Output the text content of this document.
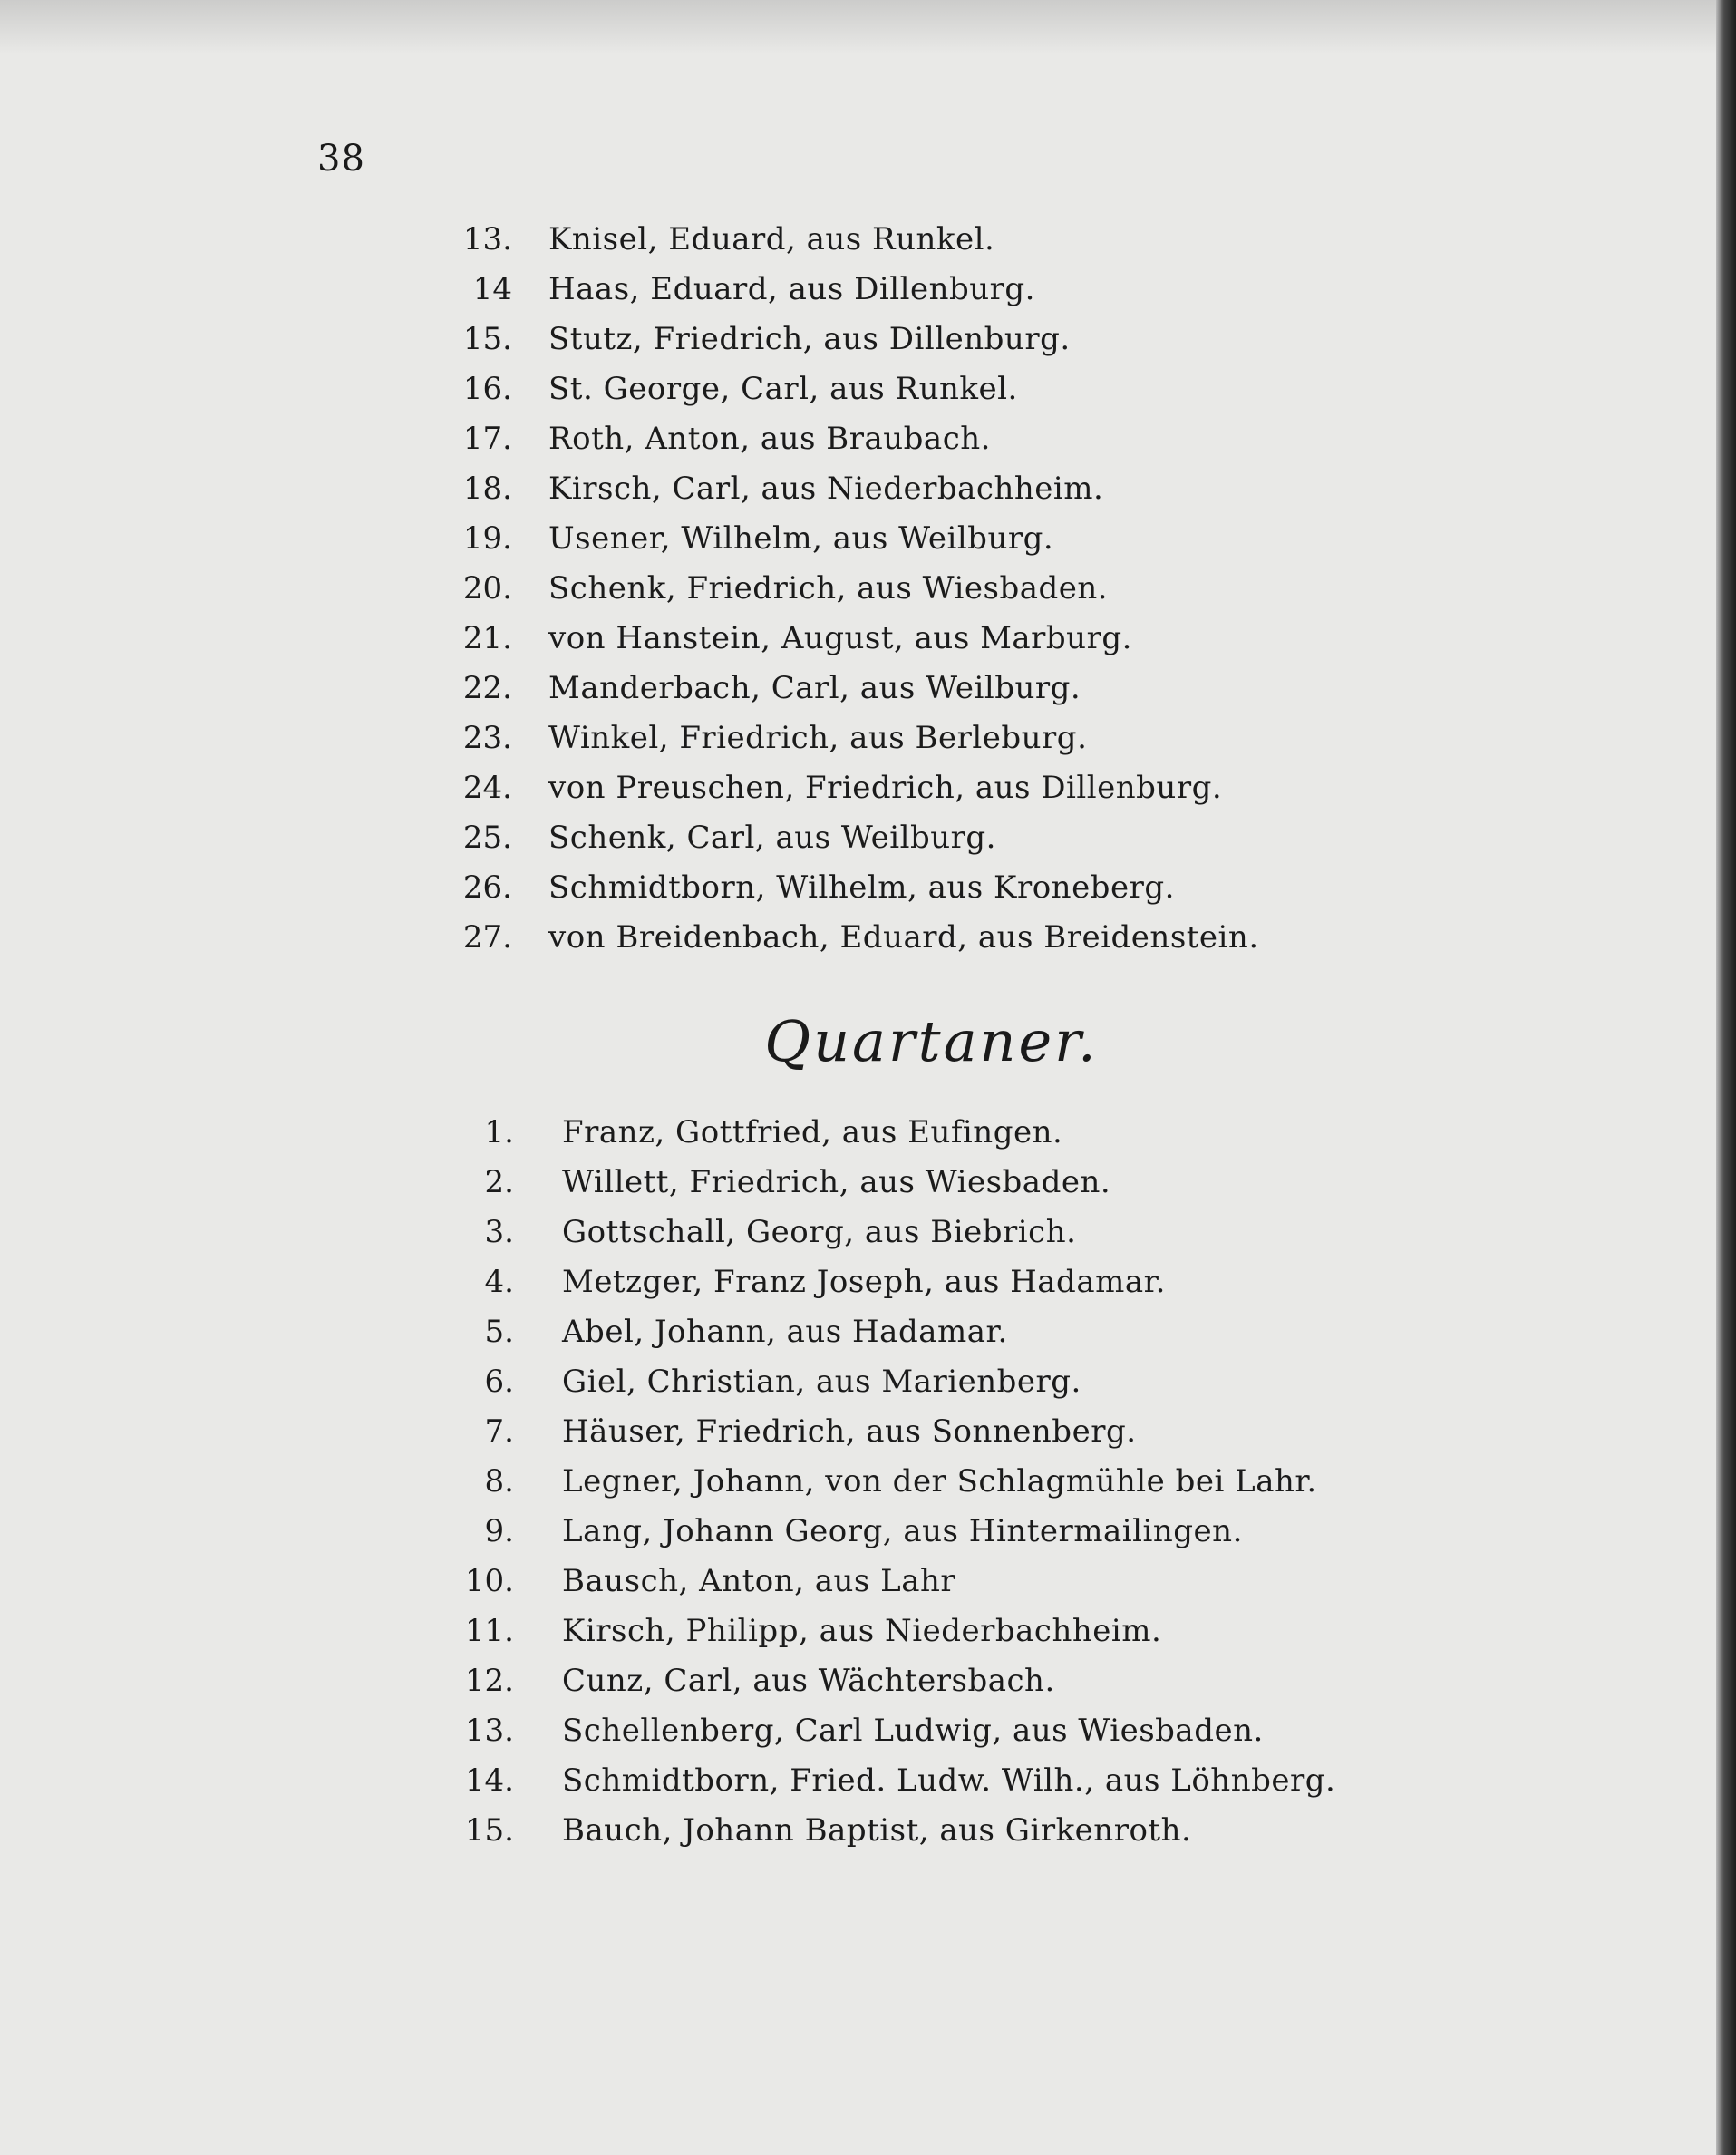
38
13. Knisel, Eduard, aus Runkel.
14 Haas, Eduard, aus Dillenburg.
15. Stutz, Friedrich, aus Dillenburg.
16. St. George, Carl, aus Runkel.
17. Roth, Anton, aus Braubach.
18. Kirsch, Carl, aus Niederbachheim.
19. Usener, Wilhelm, aus Weilburg.
20. Schenk, Friedrich, aus Wiesbaden.
21. von Hanstein, August, aus Marburg.
22. Manderbach, Carl, aus Weilburg.
23. Winkel, Friedrich, aus Berleburg.
24. von Preuschen, Friedrich, aus Dillenburg.
25. Schenk, Carl, aus Weilburg.
26. Schmidtborn, Wilhelm, aus Kroneberg.
27. von Breidenbach, Eduard, aus Breidenstein.
Quartaner.
1. Franz, Gottfried, aus Eufingen.
2. Willett, Friedrich, aus Wiesbaden.
3. Gottschall, Georg, aus Biebrich.
4. Metzger, Franz Joseph, aus Hadamar.
5. Abel, Johann, aus Hadamar.
6. Giel, Christian, aus Marienberg.
7. Häuser, Friedrich, aus Sonnenberg.
8. Legner, Johann, von der Schlagmühle bei Lahr.
9. Lang, Johann Georg, aus Hintermailingen.
10. Bausch, Anton, aus Lahr
11. Kirsch, Philipp, aus Niederbachheim.
12. Cunz, Carl, aus Wächtersbach.
13. Schellenberg, Carl Ludwig, aus Wiesbaden.
14. Schmidtborn, Fried. Ludw. Wilh., aus Löhnberg.
15. Bauch, Johann Baptist, aus Girkenroth.
